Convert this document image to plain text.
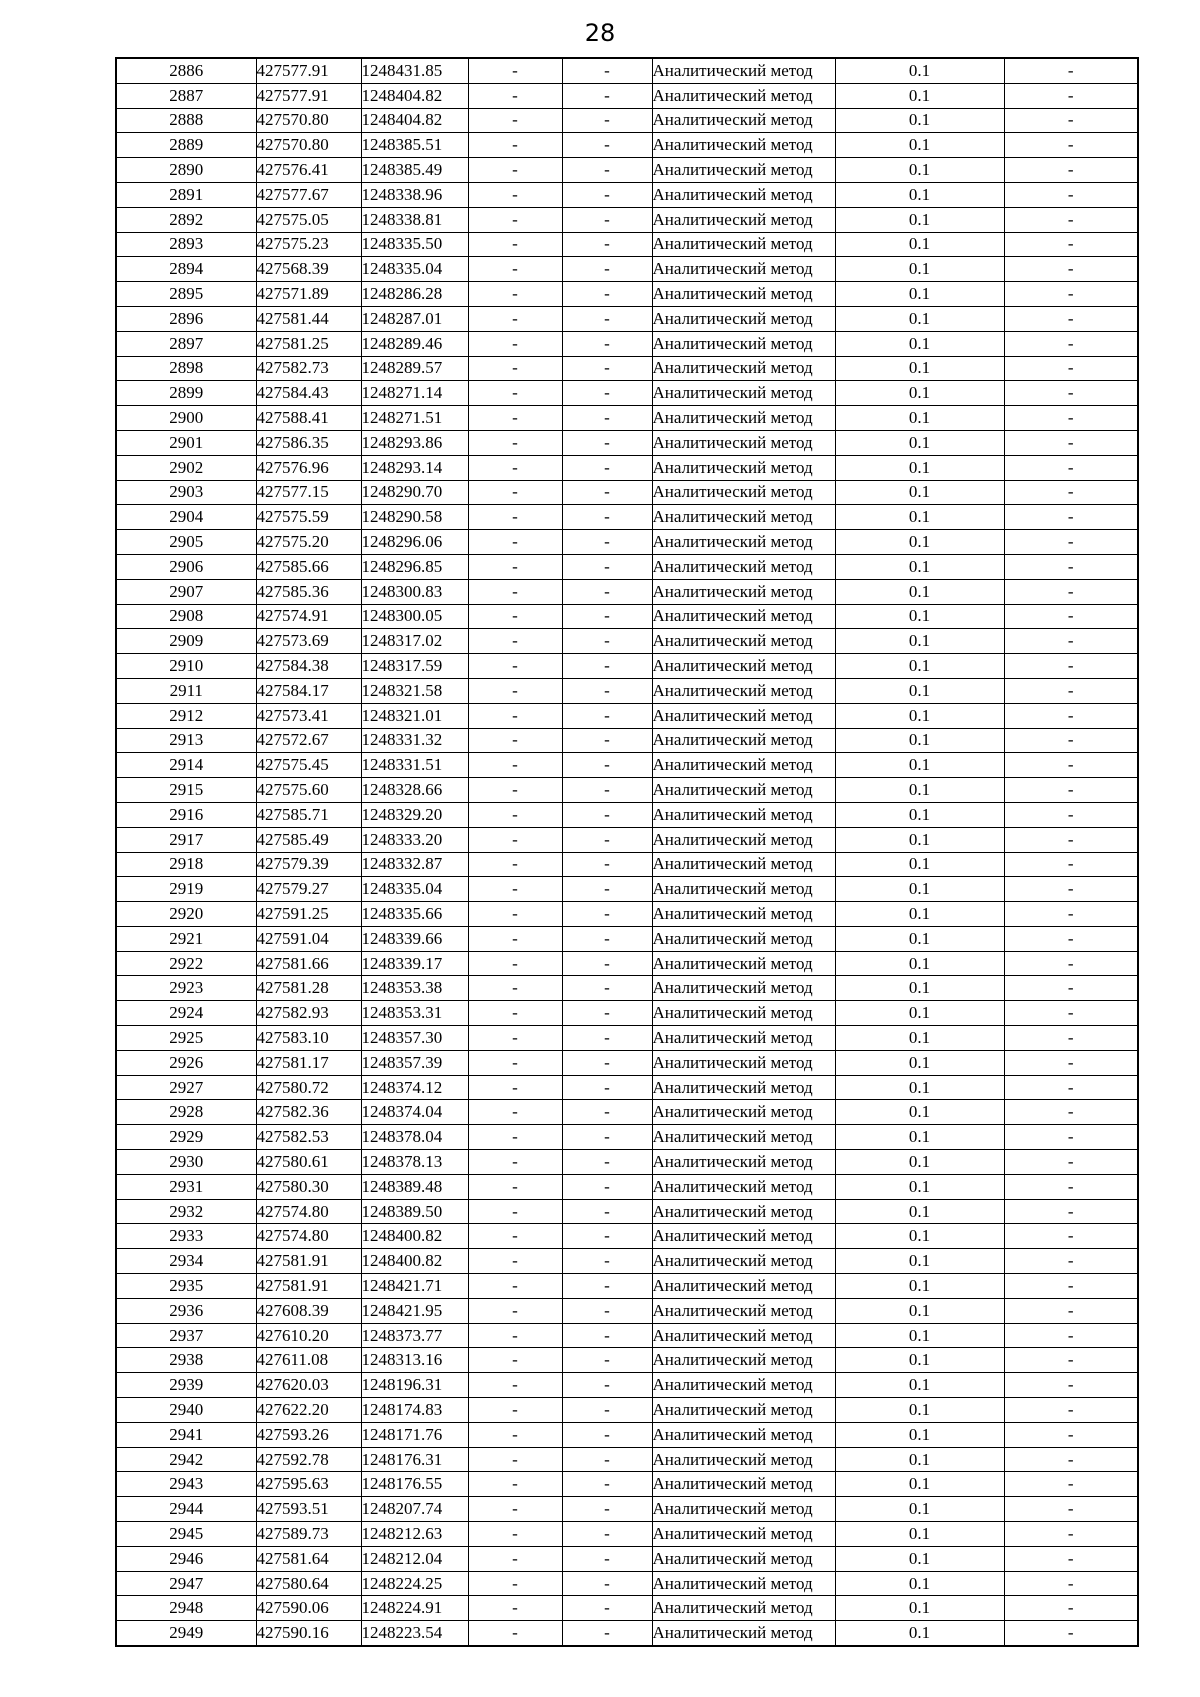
28
2886	427577.91	1248431.85	-	-	Аналитический метод	0.1	-
2887	427577.91	1248404.82	-	-	Аналитический метод	0.1	-
2888	427570.80	1248404.82	-	-	Аналитический метод	0.1	-
2889	427570.80	1248385.51	-	-	Аналитический метод	0.1	-
2890	427576.41	1248385.49	-	-	Аналитический метод	0.1	-
2891	427577.67	1248338.96	-	-	Аналитический метод	0.1	-
2892	427575.05	1248338.81	-	-	Аналитический метод	0.1	-
2893	427575.23	1248335.50	-	-	Аналитический метод	0.1	-
2894	427568.39	1248335.04	-	-	Аналитический метод	0.1	-
2895	427571.89	1248286.28	-	-	Аналитический метод	0.1	-
2896	427581.44	1248287.01	-	-	Аналитический метод	0.1	-
2897	427581.25	1248289.46	-	-	Аналитический метод	0.1	-
2898	427582.73	1248289.57	-	-	Аналитический метод	0.1	-
2899	427584.43	1248271.14	-	-	Аналитический метод	0.1	-
2900	427588.41	1248271.51	-	-	Аналитический метод	0.1	-
2901	427586.35	1248293.86	-	-	Аналитический метод	0.1	-
2902	427576.96	1248293.14	-	-	Аналитический метод	0.1	-
2903	427577.15	1248290.70	-	-	Аналитический метод	0.1	-
2904	427575.59	1248290.58	-	-	Аналитический метод	0.1	-
2905	427575.20	1248296.06	-	-	Аналитический метод	0.1	-
2906	427585.66	1248296.85	-	-	Аналитический метод	0.1	-
2907	427585.36	1248300.83	-	-	Аналитический метод	0.1	-
2908	427574.91	1248300.05	-	-	Аналитический метод	0.1	-
2909	427573.69	1248317.02	-	-	Аналитический метод	0.1	-
2910	427584.38	1248317.59	-	-	Аналитический метод	0.1	-
2911	427584.17	1248321.58	-	-	Аналитический метод	0.1	-
2912	427573.41	1248321.01	-	-	Аналитический метод	0.1	-
2913	427572.67	1248331.32	-	-	Аналитический метод	0.1	-
2914	427575.45	1248331.51	-	-	Аналитический метод	0.1	-
2915	427575.60	1248328.66	-	-	Аналитический метод	0.1	-
2916	427585.71	1248329.20	-	-	Аналитический метод	0.1	-
2917	427585.49	1248333.20	-	-	Аналитический метод	0.1	-
2918	427579.39	1248332.87	-	-	Аналитический метод	0.1	-
2919	427579.27	1248335.04	-	-	Аналитический метод	0.1	-
2920	427591.25	1248335.66	-	-	Аналитический метод	0.1	-
2921	427591.04	1248339.66	-	-	Аналитический метод	0.1	-
2922	427581.66	1248339.17	-	-	Аналитический метод	0.1	-
2923	427581.28	1248353.38	-	-	Аналитический метод	0.1	-
2924	427582.93	1248353.31	-	-	Аналитический метод	0.1	-
2925	427583.10	1248357.30	-	-	Аналитический метод	0.1	-
2926	427581.17	1248357.39	-	-	Аналитический метод	0.1	-
2927	427580.72	1248374.12	-	-	Аналитический метод	0.1	-
2928	427582.36	1248374.04	-	-	Аналитический метод	0.1	-
2929	427582.53	1248378.04	-	-	Аналитический метод	0.1	-
2930	427580.61	1248378.13	-	-	Аналитический метод	0.1	-
2931	427580.30	1248389.48	-	-	Аналитический метод	0.1	-
2932	427574.80	1248389.50	-	-	Аналитический метод	0.1	-
2933	427574.80	1248400.82	-	-	Аналитический метод	0.1	-
2934	427581.91	1248400.82	-	-	Аналитический метод	0.1	-
2935	427581.91	1248421.71	-	-	Аналитический метод	0.1	-
2936	427608.39	1248421.95	-	-	Аналитический метод	0.1	-
2937	427610.20	1248373.77	-	-	Аналитический метод	0.1	-
2938	427611.08	1248313.16	-	-	Аналитический метод	0.1	-
2939	427620.03	1248196.31	-	-	Аналитический метод	0.1	-
2940	427622.20	1248174.83	-	-	Аналитический метод	0.1	-
2941	427593.26	1248171.76	-	-	Аналитический метод	0.1	-
2942	427592.78	1248176.31	-	-	Аналитический метод	0.1	-
2943	427595.63	1248176.55	-	-	Аналитический метод	0.1	-
2944	427593.51	1248207.74	-	-	Аналитический метод	0.1	-
2945	427589.73	1248212.63	-	-	Аналитический метод	0.1	-
2946	427581.64	1248212.04	-	-	Аналитический метод	0.1	-
2947	427580.64	1248224.25	-	-	Аналитический метод	0.1	-
2948	427590.06	1248224.91	-	-	Аналитический метод	0.1	-
2949	427590.16	1248223.54	-	-	Аналитический метод	0.1	-
